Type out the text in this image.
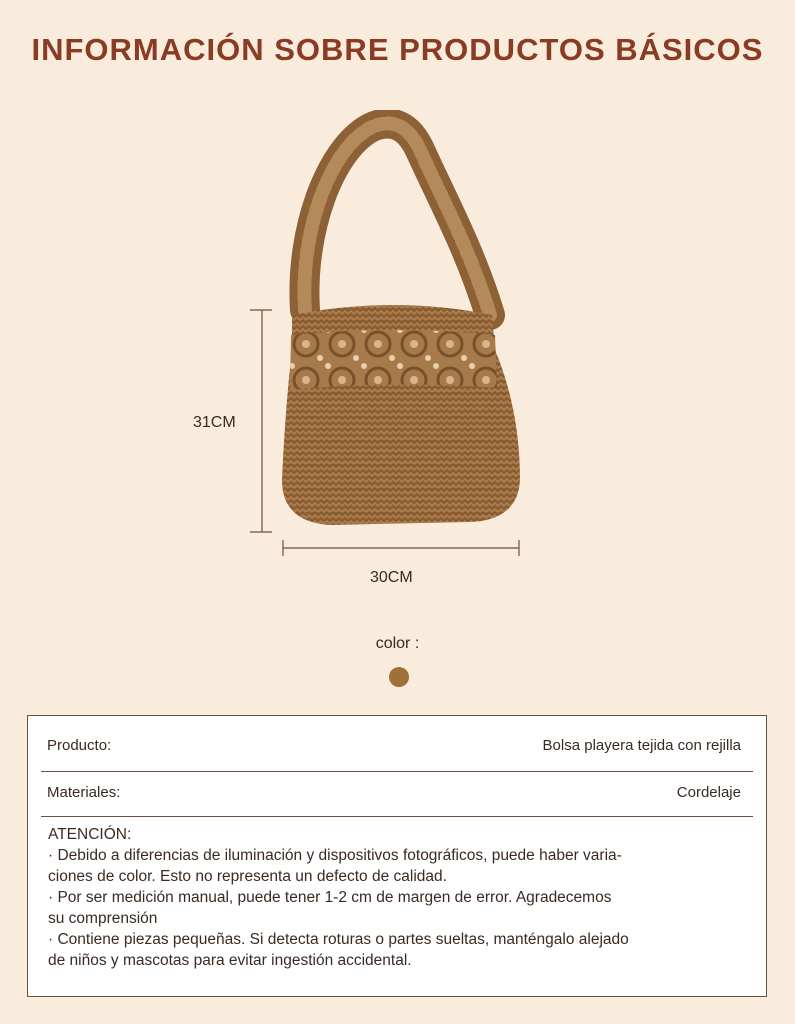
INFORMACIÓN SOBRE PRODUCTOS BÁSICOS
31CM
30CM
color :
Producto:	Bolsa playera tejida con rejilla
Materiales:	Cordelaje

ATENCIÓN:

· Debido a diferencias de iluminación y dispositivos fotográficos, puede haber varia-

ciones de color. Esto no representa un defecto de calidad.

· Por ser medición manual, puede tener 1-2 cm de margen de error. Agradecemos

su comprensión

· Contiene piezas pequeñas. Si detecta roturas o partes sueltas, manténgalo alejado

de niños y mascotas para evitar ingestión accidental.
